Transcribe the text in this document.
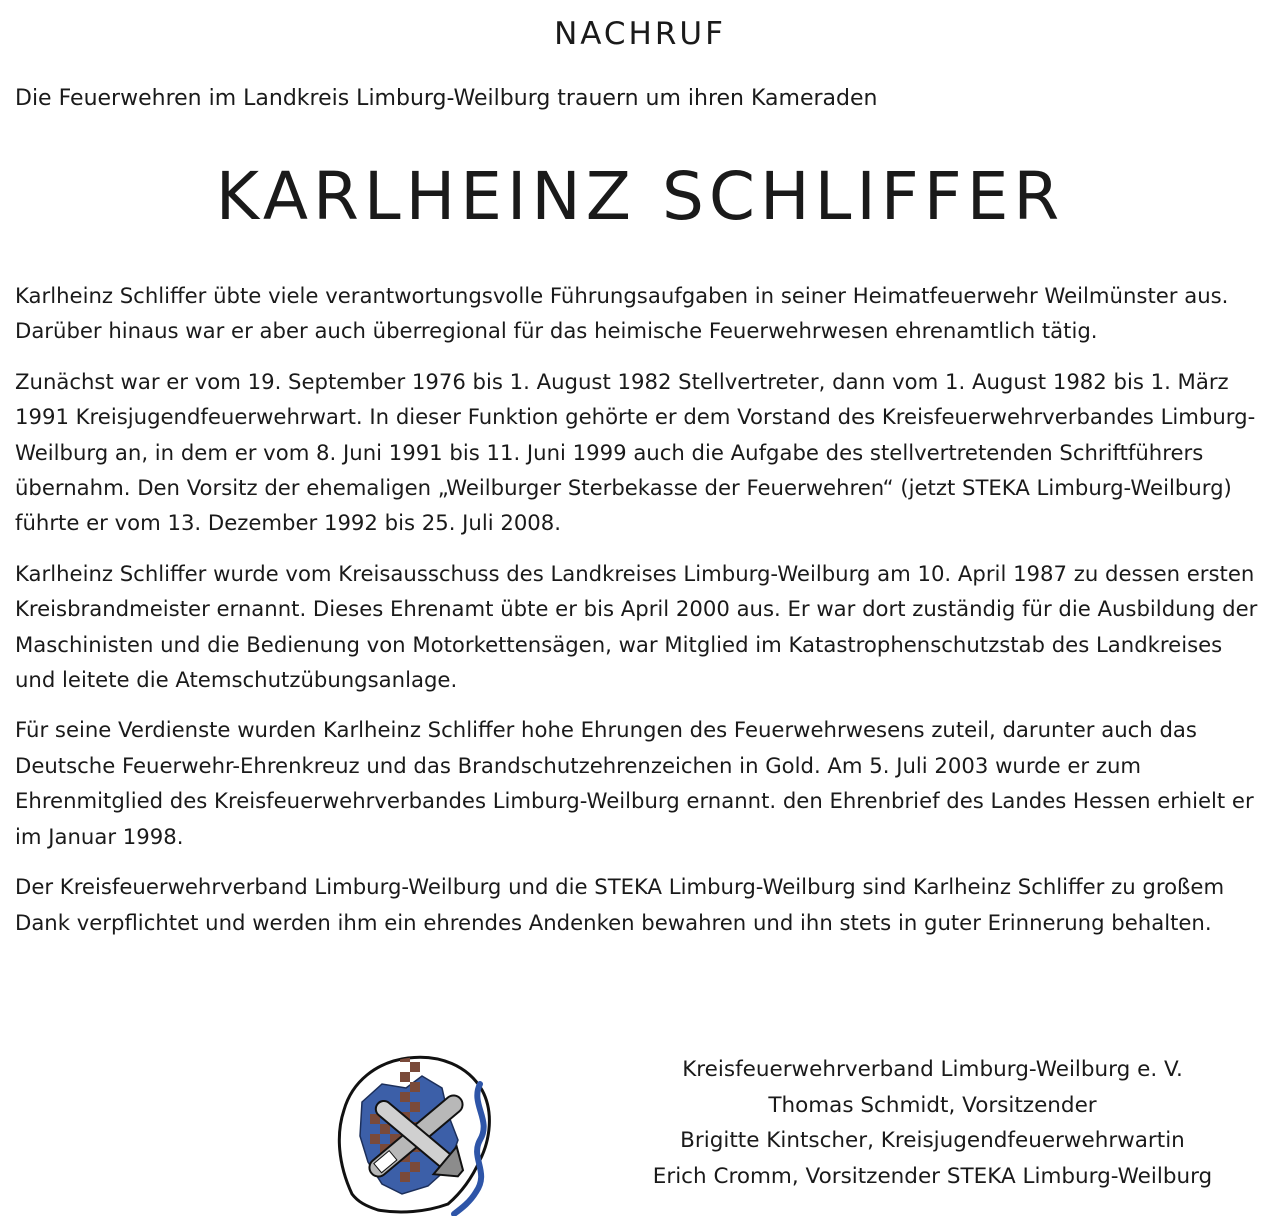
NACHRUF

Die Feuerwehren im Landkreis Limburg-Weilburg trauern um ihren Kameraden

KARLHEINZ SCHLIFFER

Karlheinz Schliffer übte viele verantwortungsvolle Führungsaufgaben in seiner Heimatfeuerwehr Weilmünster aus. Darüber hinaus war er aber auch überregional für das heimische Feuerwehrwesen ehrenamtlich tätig.

Zunächst war er vom 19. September 1976 bis 1. August 1982 Stellvertreter, dann vom 1. August 1982 bis 1. März 1991 Kreisjugendfeuerwehrwart. In dieser Funktion gehörte er dem Vorstand des Kreisfeuerwehrverbandes Limburg-Weilburg an, in dem er vom 8. Juni 1991 bis 11. Juni 1999 auch die Aufgabe des stellvertretenden Schriftführers übernahm. Den Vorsitz der ehemaligen „Weilburger Sterbekasse der Feuerwehren“ (jetzt STEKA Limburg-Weilburg) führte er vom 13. Dezember 1992 bis 25. Juli 2008.

Karlheinz Schliffer wurde vom Kreisausschuss des Landkreises Limburg-Weilburg am 10. April 1987 zu dessen ersten Kreisbrandmeister ernannt. Dieses Ehrenamt übte er bis April 2000 aus. Er war dort zuständig für die Ausbildung der Maschinisten und die Bedienung von Motorkettensägen, war Mitglied im Katastrophenschutzstab des Landkreises und leitete die Atemschutzübungsanlage.

Für seine Verdienste wurden Karlheinz Schliffer hohe Ehrungen des Feuerwehrwesens zuteil, darunter auch das Deutsche Feuerwehr-Ehrenkreuz und das Brandschutzehrenzeichen in Gold. Am 5. Juli 2003 wurde er zum Ehrenmitglied des Kreisfeuerwehrverbandes Limburg-Weilburg ernannt. den Ehrenbrief des Landes Hessen erhielt er im Januar 1998.

Der Kreisfeuerwehrverband Limburg-Weilburg und die STEKA Limburg-Weilburg sind Karlheinz Schliffer zu großem Dank verpflichtet und werden ihm ein ehrendes Andenken bewahren und ihn stets in guter Erinnerung behalten.

Kreisfeuerwehrverband Limburg-Weilburg e. V.
Thomas Schmidt, Vorsitzender
Brigitte Kintscher, Kreisjugendfeuerwehrwartin
Erich Cromm, Vorsitzender STEKA Limburg-Weilburg
